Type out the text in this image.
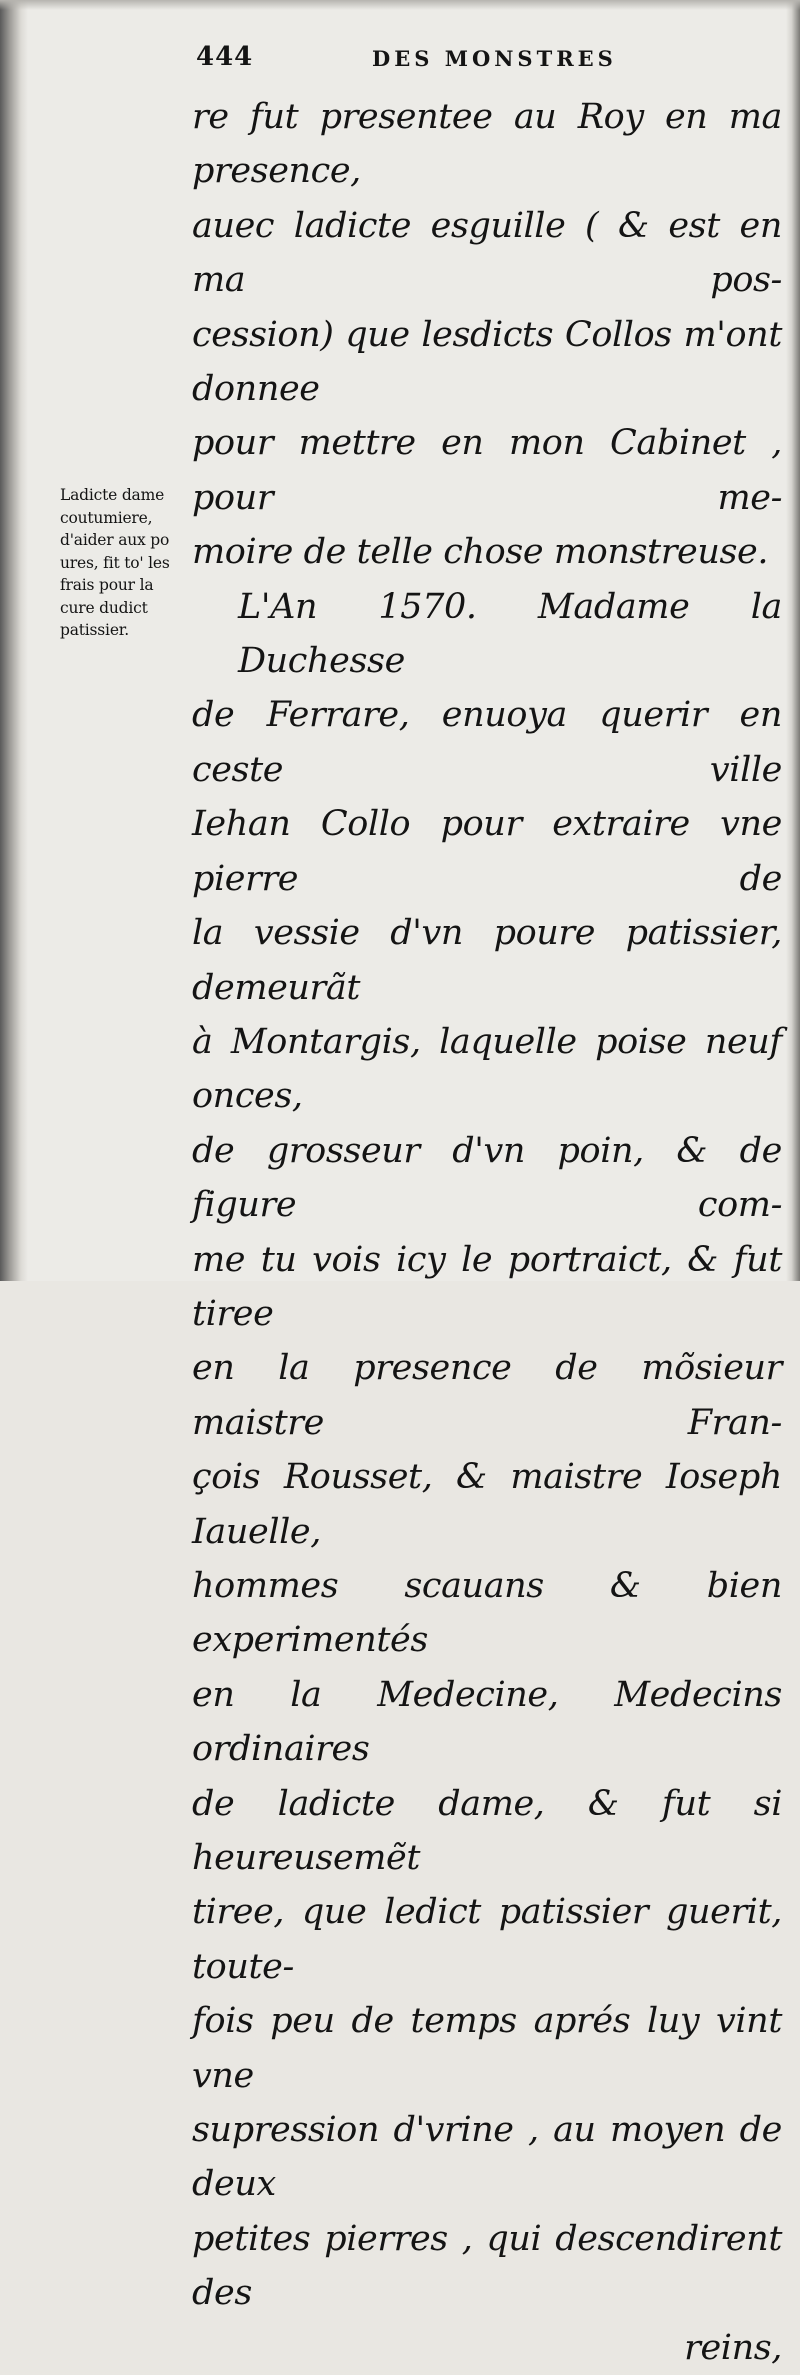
444	DES MONSTRES
re fut presentee au Roy en ma presence,
auec ladicte esguille ( & est en ma pos-
cession) que lesdicts Collos m'ont donnee
pour mettre en mon Cabinet , pour me-
moire de telle chose monstreuse.
L'An 1570. Madame la Duchesse
de Ferrare, enuoya querir en ceste ville
Iehan Collo pour extraire vne pierre de
la vessie d'vn poure patissier, demeurãt
à Montargis, laquelle poise neuf onces,
de grosseur d'vn poin, & de figure com-
me tu vois icy le portraict, & fut tiree
en la presence de mõsieur maistre Fran-
çois Rousset, & maistre Ioseph Iauelle,
hommes scauans & bien experimentés
en la Medecine, Medecins ordinaires
de ladicte dame, & fut si heureusemẽt
tiree, que ledict patissier guerit, toute-
fois peu de temps aprés luy vint vne
supression d'vrine , au moyen de deux
petites pierres , qui descendirent des
reins,
Ladicte dame
coutumiere,
d'aider aux po
ures, fit to' les
frais pour la
cure dudict
patissier.
